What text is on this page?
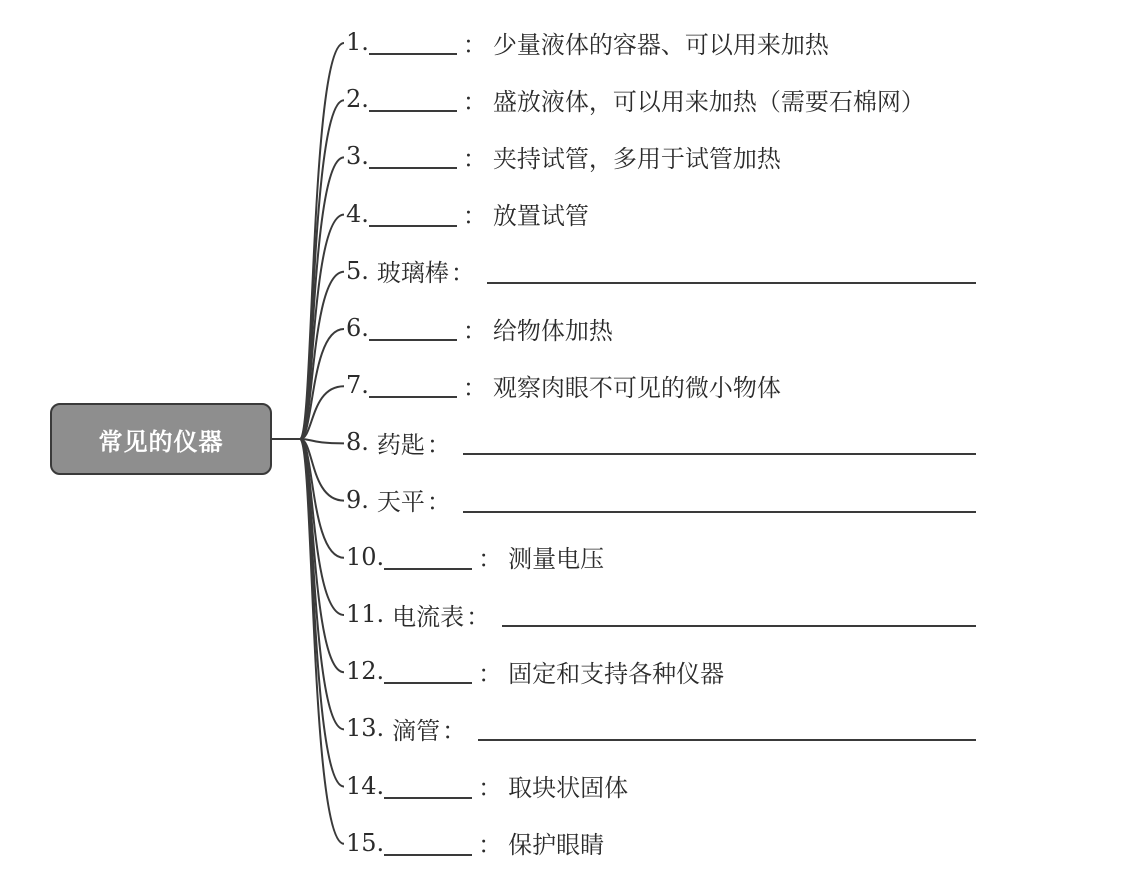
常见的仪器
1.	： 少量液体的容器、可以用来加热
2.	： 盛放液体，可以用来加热（需要石棉网）
3.	： 夹持试管，多用于试管加热
4.	： 放置试管
5. 玻璃棒 ：
6.	： 给物体加热
7.	： 观察肉眼不可见的微小物体
8. 药匙 ：
9. 天平 ：
10.	： 测量电压
11. 电流表 ：
12.	： 固定和支持各种仪器
13. 滴管 ：
14.	： 取块状固体
15.	： 保护眼睛
